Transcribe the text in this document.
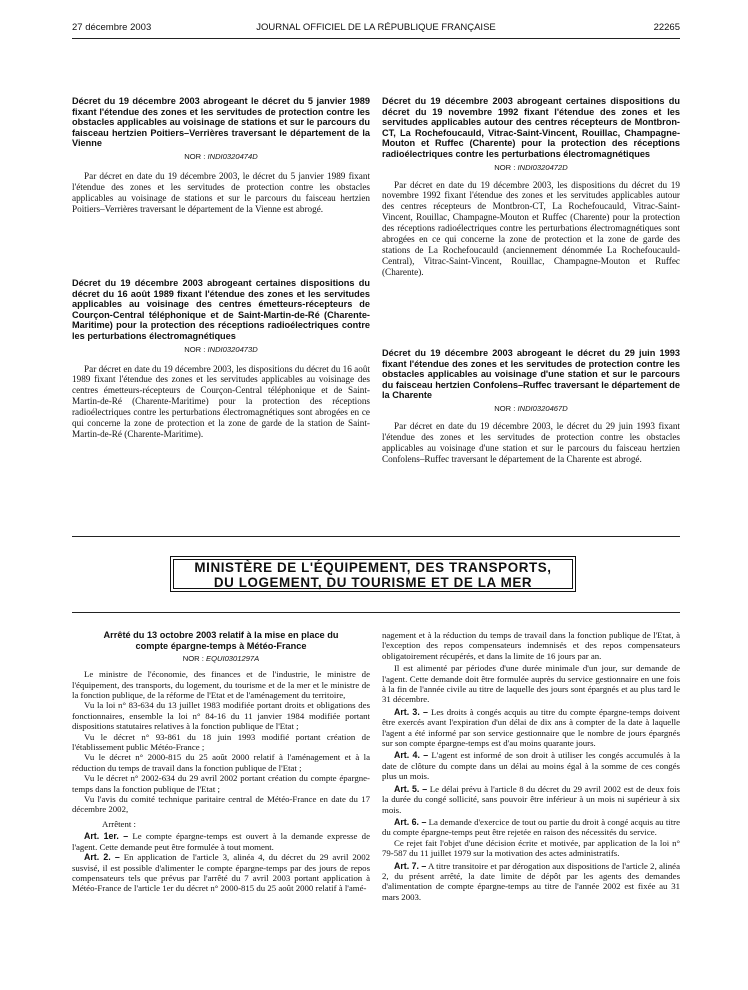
27 décembre 2003	JOURNAL OFFICIEL DE LA RÉPUBLIQUE FRANÇAISE	22265

Décret du 19 décembre 2003 abrogeant le décret du 5 janvier 1989 fixant l'étendue des zones et les servitudes de protection contre les obstacles applicables au voisinage de stations et sur le parcours du faisceau hertzien Poitiers–Verrières traversant le département de la Vienne

NOR : INDI0320474D

Par décret en date du 19 décembre 2003, le décret du 5 janvier 1989 fixant l'étendue des zones et les servitudes de protection contre les obstacles applicables au voisinage de stations et sur le parcours du faisceau hertzien Poitiers–Verrières traversant le département de la Vienne est abrogé.

Décret du 19 décembre 2003 abrogeant certaines dispositions du décret du 16 août 1989 fixant l'étendue des zones et les servitudes applicables au voisinage des centres émetteurs-récepteurs de Courçon-Central téléphonique et de Saint-Martin-de-Ré (Charente-Maritime) pour la protection des réceptions radioélectriques contre les perturbations électromagnétiques

NOR : INDI0320473D

Par décret en date du 19 décembre 2003, les dispositions du décret du 16 août 1989 fixant l'étendue des zones et les servitudes applicables au voisinage des centres émetteurs-récepteurs de Courçon-Central téléphonique et de Saint-Martin-de-Ré (Charente-Maritime) pour la protection des réceptions radioélectriques contre les perturbations électromagnétiques sont abrogées en ce qui concerne la zone de protection et la zone de garde de la station de Saint-Martin-de-Ré (Charente-Maritime).

Décret du 19 décembre 2003 abrogeant certaines dispositions du décret du 19 novembre 1992 fixant l'étendue des zones et les servitudes applicables autour des centres récepteurs de Montbron-CT, La Rochefoucauld, Vitrac-Saint-Vincent, Rouillac, Champagne-Mouton et Ruffec (Charente) pour la protection des réceptions radioélectriques contre les perturbations électromagnétiques

NOR : INDI0320472D

Par décret en date du 19 décembre 2003, les dispositions du décret du 19 novembre 1992 fixant l'étendue des zones et les servitudes applicables autour des centres récepteurs de Montbron-CT, La Rochefoucauld, Vitrac-Saint-Vincent, Rouillac, Champagne-Mouton et Ruffec (Charente) pour la protection des réceptions radioélectriques contre les perturbations électromagnétiques sont abrogées en ce qui concerne la zone de protection et la zone de garde des stations de La Rochefoucauld (anciennement dénommée La Rochefoucauld-Central), Vitrac-Saint-Vincent, Rouillac, Champagne-Mouton et Ruffec (Charente).

Décret du 19 décembre 2003 abrogeant le décret du 29 juin 1993 fixant l'étendue des zones et les servitudes de protection contre les obstacles applicables au voisinage d'une station et sur le parcours du faisceau hertzien Confolens–Ruffec traversant le département de la Charente

NOR : INDI0320467D

Par décret en date du 19 décembre 2003, le décret du 29 juin 1993 fixant l'étendue des zones et les servitudes de protection contre les obstacles applicables au voisinage d'une station et sur le parcours du faisceau hertzien Confolens–Ruffec traversant le département de la Charente est abrogé.

MINISTÈRE DE L'ÉQUIPEMENT, DES TRANSPORTS,
DU LOGEMENT, DU TOURISME ET DE LA MER

Arrêté du 13 octobre 2003 relatif à la mise en place du compte épargne-temps à Météo-France

NOR : EQUI0301297A

Le ministre de l'économie, des finances et de l'industrie, le ministre de l'équipement, des transports, du logement, du tourisme et de la mer et le ministre de la fonction publique, de la réforme de l'Etat et de l'aménagement du territoire,

Vu la loi n° 83-634 du 13 juillet 1983 modifiée portant droits et obligations des fonctionnaires, ensemble la loi n° 84-16 du 11 janvier 1984 modifiée portant dispositions statutaires relatives à la fonction publique de l'Etat ;

Vu le décret n° 93-861 du 18 juin 1993 modifié portant création de l'établissement public Météo-France ;

Vu le décret n° 2000-815 du 25 août 2000 relatif à l'aménagement et à la réduction du temps de travail dans la fonction publique de l'Etat ;

Vu le décret n° 2002-634 du 29 avril 2002 portant création du compte épargne-temps dans la fonction publique de l'Etat ;

Vu l'avis du comité technique paritaire central de Météo-France en date du 17 décembre 2002,

Arrêtent :

Art. 1er. – Le compte épargne-temps est ouvert à la demande expresse de l'agent. Cette demande peut être formulée à tout moment.

Art. 2. – En application de l'article 3, alinéa 4, du décret du 29 avril 2002 susvisé, il est possible d'alimenter le compte épargne-temps par des jours de repos compensateurs tels que prévus par l'arrêté du 7 avril 2003 portant application à Météo-France de l'article 1er du décret n° 2000-815 du 25 août 2000 relatif à l'amé-

nagement et à la réduction du temps de travail dans la fonction publique de l'Etat, à l'exception des repos compensateurs indemnisés et des repos compensateurs obligatoirement récupérés, et dans la limite de 16 jours par an.

Il est alimenté par périodes d'une durée minimale d'un jour, sur demande de l'agent. Cette demande doit être formulée auprès du service gestionnaire en une fois à la fin de l'année civile au titre de laquelle des jours sont épargnés et au plus tard le 31 décembre.

Art. 3. – Les droits à congés acquis au titre du compte épargne-temps doivent être exercés avant l'expiration d'un délai de dix ans à compter de la date à laquelle l'agent a été informé par son service gestionnaire que le nombre de jours épargnés sur son compte épargne-temps est d'au moins quarante jours.

Art. 4. – L'agent est informé de son droit à utiliser les congés accumulés à la date de clôture du compte dans un délai au moins égal à la somme de ces congés plus un mois.

Art. 5. – Le délai prévu à l'article 8 du décret du 29 avril 2002 est de deux fois la durée du congé sollicité, sans pouvoir être inférieur à un mois ni supérieur à six mois.

Art. 6. – La demande d'exercice de tout ou partie du droit à congé acquis au titre du compte épargne-temps peut être rejetée en raison des nécessités du service.

Ce rejet fait l'objet d'une décision écrite et motivée, par application de la loi n° 79-587 du 11 juillet 1979 sur la motivation des actes administratifs.

Art. 7. – A titre transitoire et par dérogation aux dispositions de l'article 2, alinéa 2, du présent arrêté, la date limite de dépôt par les agents des demandes d'alimentation de compte épargne-temps au titre de l'année 2002 est fixée au 31 mars 2003.
